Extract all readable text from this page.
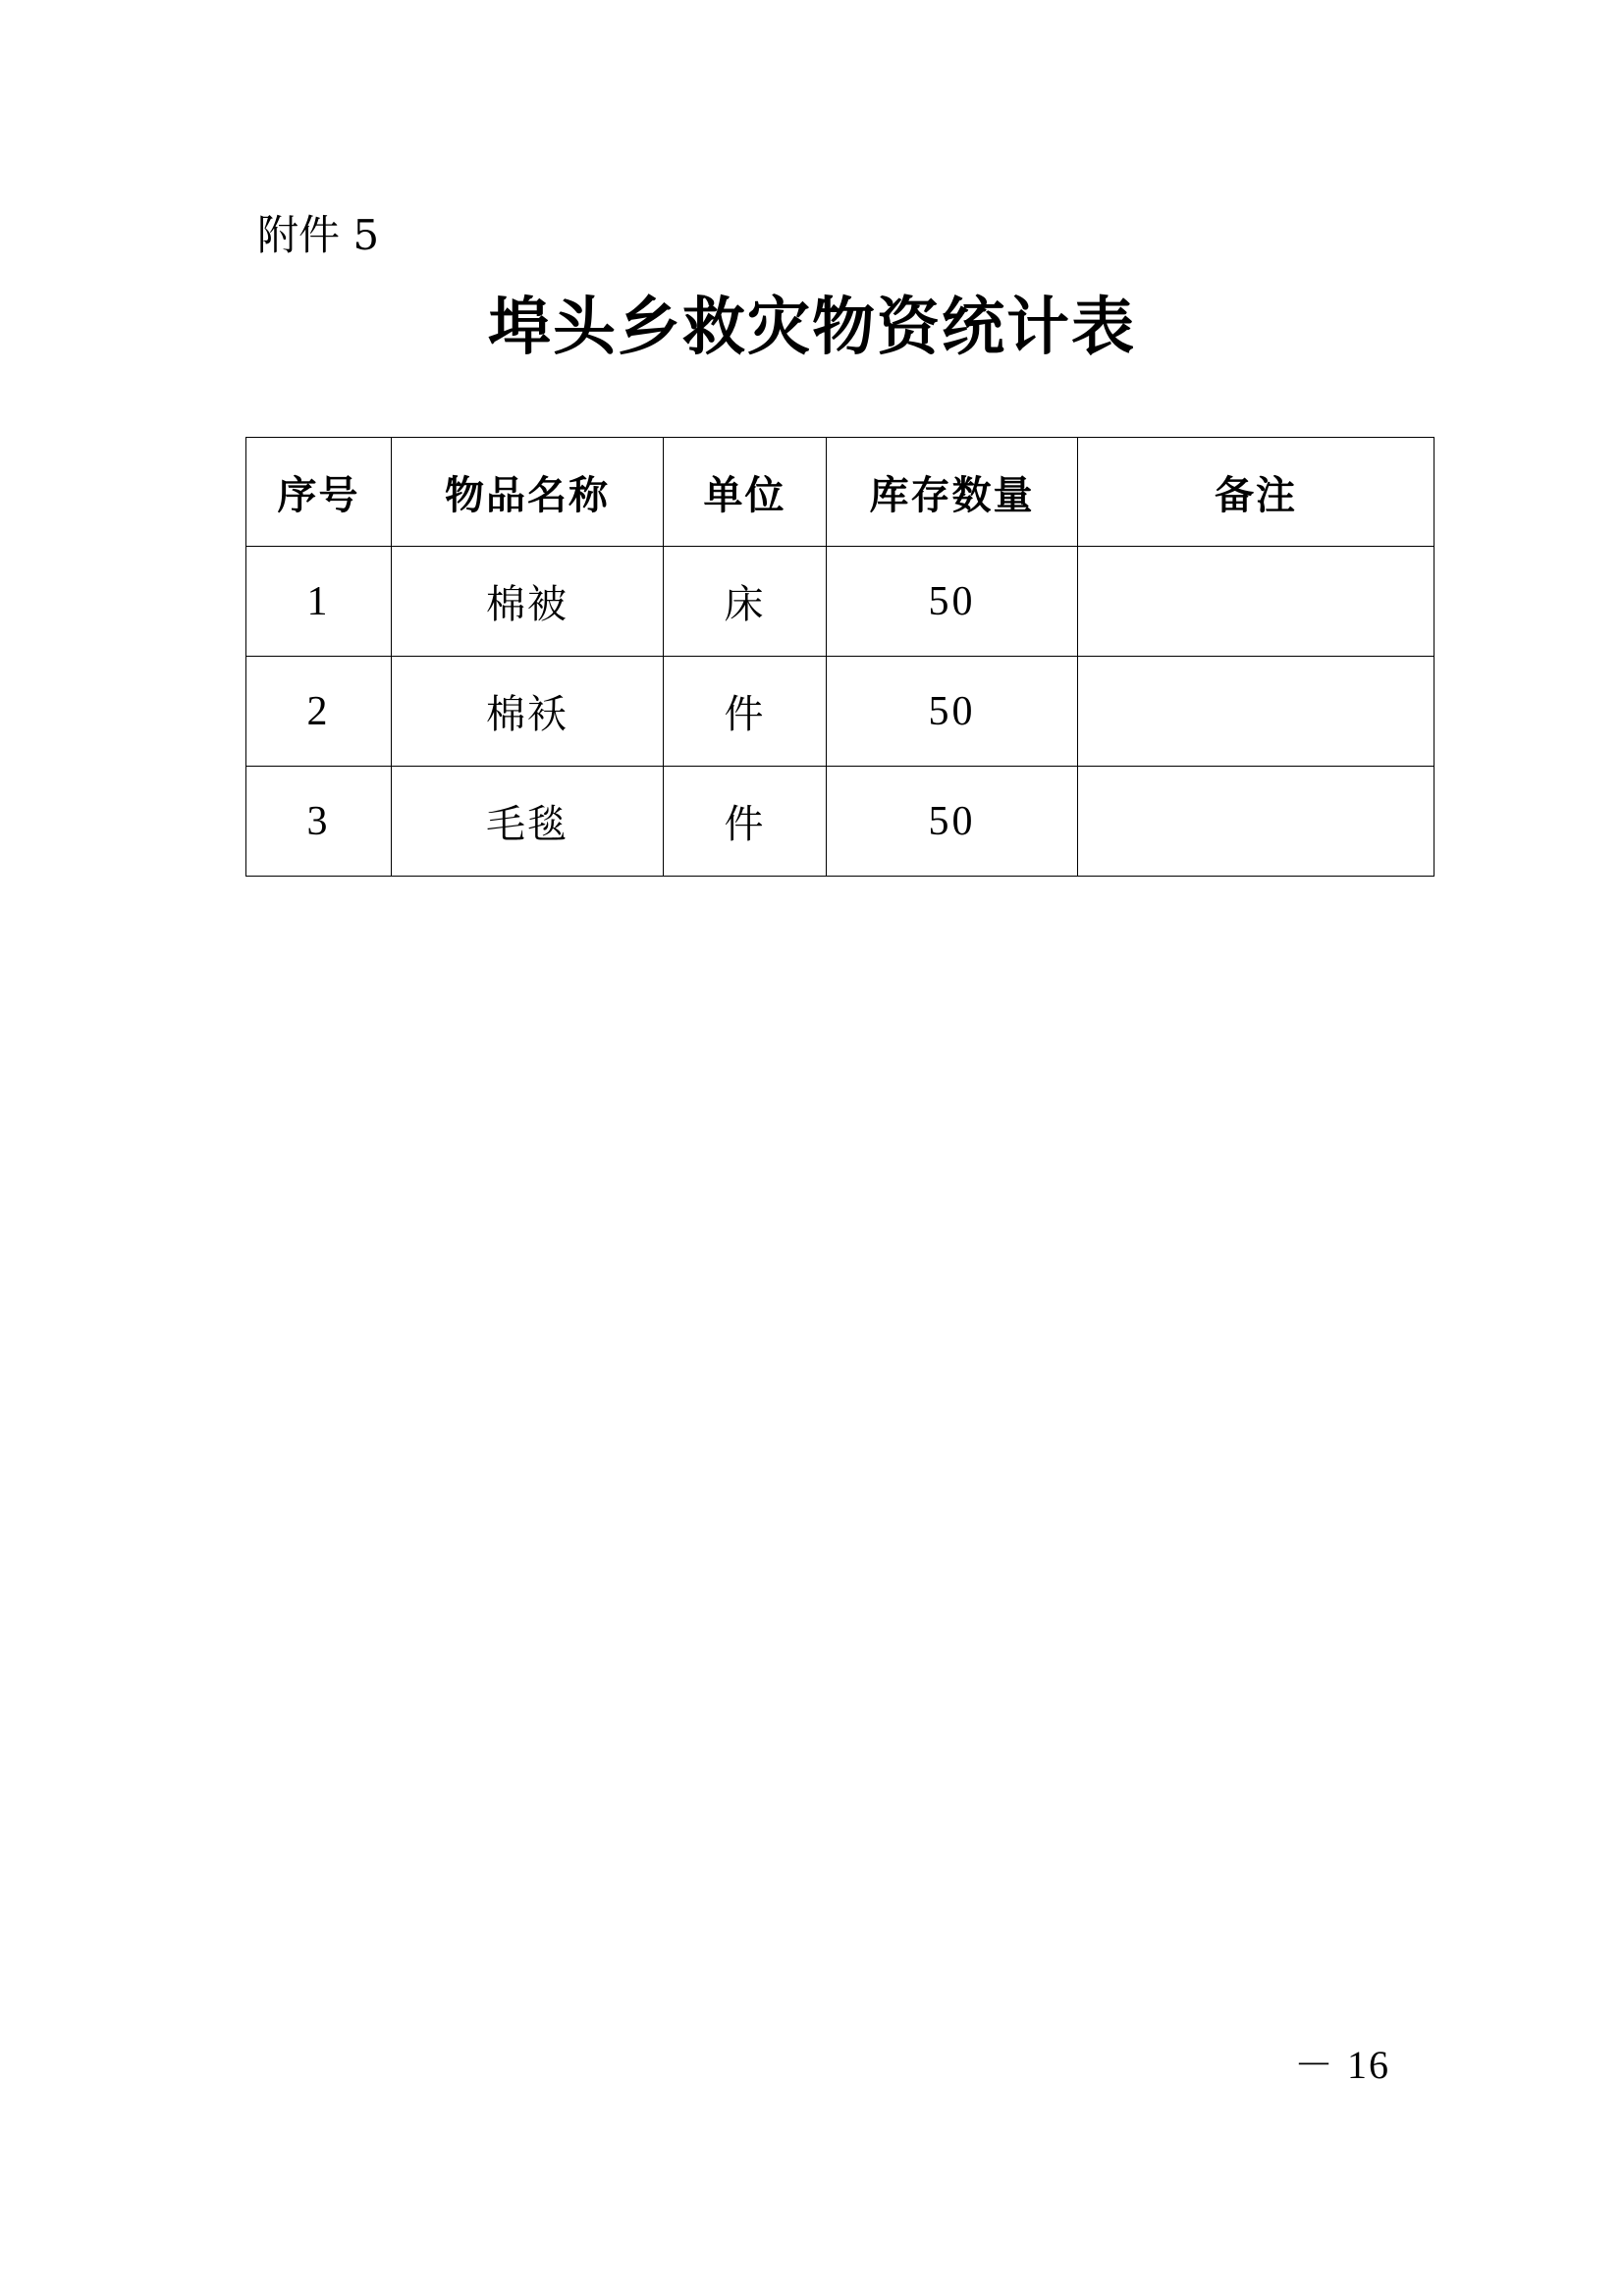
附件 5
埠头乡救灾物资统计表
序号	物品名称	单位	库存数量	备注
1	棉被	床	50	
2	棉袄	件	50	
3	毛毯	件	50	
－ 16
